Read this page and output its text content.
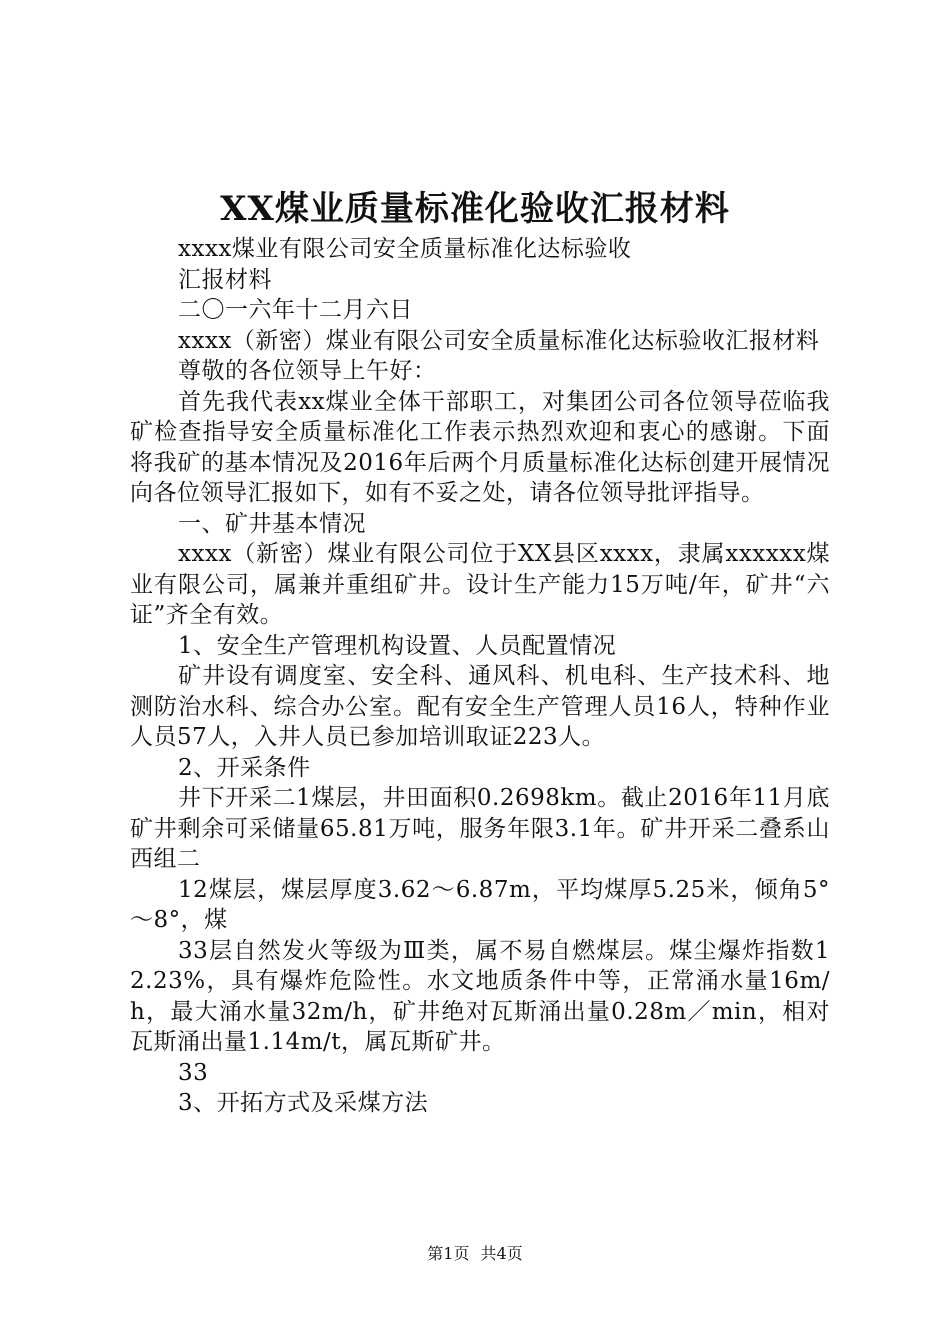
XX煤业质量标准化验收汇报材料

xxxx煤业有限公司安全质量标准化达标验收

汇报材料

二〇一六年十二月六日

xxxx（新密）煤业有限公司安全质量标准化达标验收汇报材料

尊敬的各位领导上午好：

首先我代表xx煤业全体干部职工，对集团公司各位领导莅临我矿检查指导安全质量标准化工作表示热烈欢迎和衷心的感谢。下面将我矿的基本情况及2016年后两个月质量标准化达标创建开展情况向各位领导汇报如下，如有不妥之处，请各位领导批评指导。

一、矿井基本情况

xxxx（新密）煤业有限公司位于XX县区xxxx，隶属xxxxxx煤业有限公司，属兼并重组矿井。设计生产能力15万吨/年，矿井“六证”齐全有效。

1、安全生产管理机构设置、人员配置情况

矿井设有调度室、安全科、通风科、机电科、生产技术科、地测防治水科、综合办公室。配有安全生产管理人员16人，特种作业人员57人，入井人员已参加培训取证223人。

2、开采条件

井下开采二1煤层，井田面积0.2698km。截止2016年11月底矿井剩余可采储量65.81万吨，服务年限3.1年。矿井开采二叠系山西组二

12煤层，煤层厚度3.62～6.87m，平均煤厚5.25米，倾角5°～8°，煤

33层自然发火等级为Ⅲ类，属不易自燃煤层。煤尘爆炸指数12.23%，具有爆炸危险性。水文地质条件中等，正常涌水量16m/h，最大涌水量32m/h，矿井绝对瓦斯涌出量0.28m／min，相对瓦斯涌出量1.14m/t，属瓦斯矿井。

33

3、开拓方式及采煤方法

第1页 共4页
